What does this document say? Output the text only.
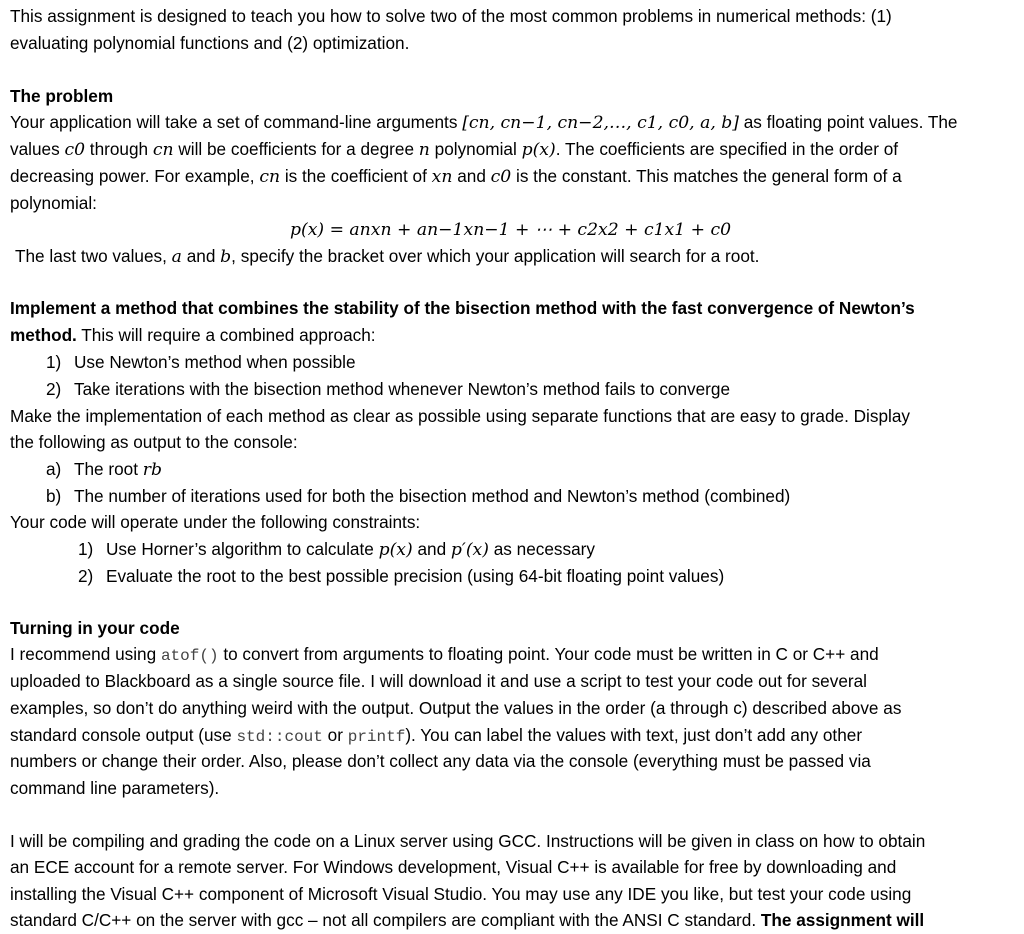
This assignment is designed to teach you how to solve two of the most common problems in numerical methods: (1)
evaluating polynomial functions and (2) optimization.
The problem
Your application will take a set of command-line arguments [cn, cn−1, cn−2,…, c1, c0, a, b] as floating point values. The
values c0 through cn will be coefficients for a degree n polynomial p(x). The coefficients are specified in the order of
decreasing power. For example, cn is the coefficient of xn and c0 is the constant. This matches the general form of a
polynomial:
p(x) = anxn + an−1xn−1 + ⋯ + c2x2 + c1x1 + c0
The last two values, a and b, specify the bracket over which your application will search for a root.
Implement a method that combines the stability of the bisection method with the fast convergence of Newton’s
method. This will require a combined approach:
1) Use Newton’s method when possible
2) Take iterations with the bisection method whenever Newton’s method fails to converge
Make the implementation of each method as clear as possible using separate functions that are easy to grade. Display
the following as output to the console:
a) The root rb
b) The number of iterations used for both the bisection method and Newton’s method (combined)
Your code will operate under the following constraints:
1) Use Horner’s algorithm to calculate p(x) and p′(x) as necessary
2) Evaluate the root to the best possible precision (using 64-bit floating point values)
Turning in your code
I recommend using atof() to convert from arguments to floating point. Your code must be written in C or C++ and
uploaded to Blackboard as a single source file. I will download it and use a script to test your code out for several
examples, so don’t do anything weird with the output. Output the values in the order (a through c) described above as
standard console output (use std::cout or printf). You can label the values with text, just don’t add any other
numbers or change their order. Also, please don’t collect any data via the console (everything must be passed via
command line parameters).
I will be compiling and grading the code on a Linux server using GCC. Instructions will be given in class on how to obtain
an ECE account for a remote server. For Windows development, Visual C++ is available for free by downloading and
installing the Visual C++ component of Microsoft Visual Studio. You may use any IDE you like, but test your code using
standard C/C++ on the server with gcc – not all compilers are compliant with the ANSI C standard. The assignment will
